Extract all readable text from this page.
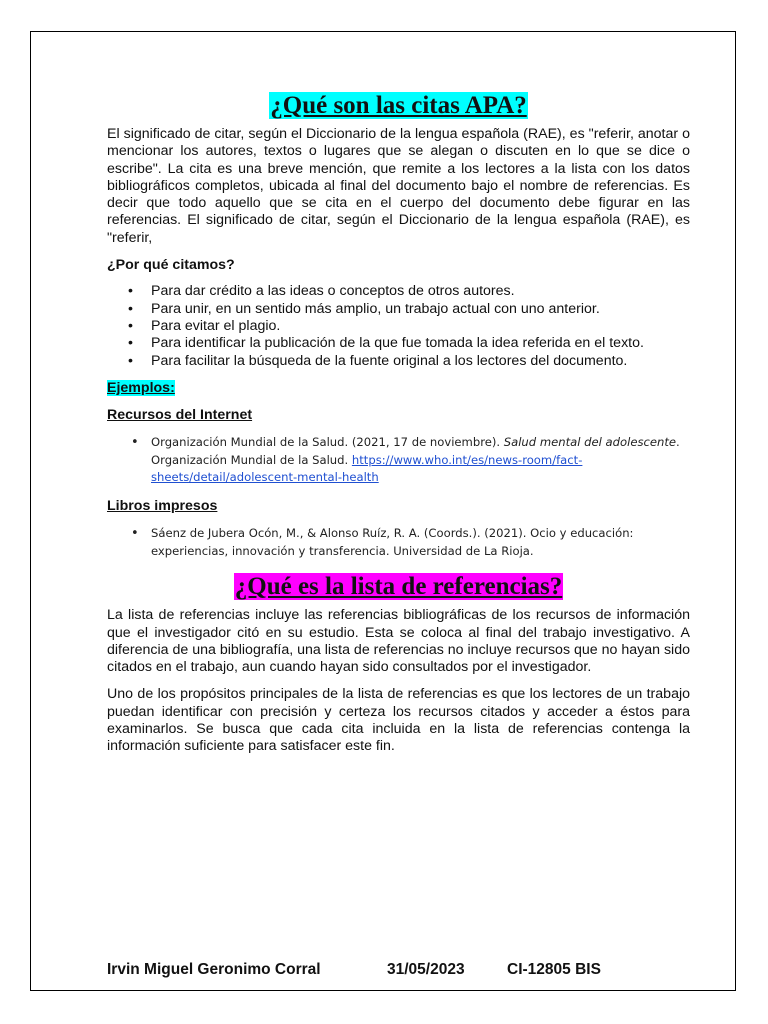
¿Qué son las citas APA?

El significado de citar, según el Diccionario de la lengua española (RAE), es "referir, anotar o mencionar los autores, textos o lugares que se alegan o discuten en lo que se dice o escribe". La cita es una breve mención, que remite a los lectores a la lista con los datos bibliográficos completos, ubicada al final del documento bajo el nombre de referencias. Es decir que todo aquello que se cita en el cuerpo del documento debe figurar en las referencias. El significado de citar, según el Diccionario de la lengua española (RAE), es "referir,

¿Por qué citamos?

• Para dar crédito a las ideas o conceptos de otros autores.
• Para unir, en un sentido más amplio, un trabajo actual con uno anterior.
• Para evitar el plagio.
• Para identificar la publicación de la que fue tomada la idea referida en el texto.
• Para facilitar la búsqueda de la fuente original a los lectores del documento.

Ejemplos:

Recursos del Internet

• Organización Mundial de la Salud. (2021, 17 de noviembre). Salud mental del adolescente. Organización Mundial de la Salud. https://www.who.int/es/news-room/fact-sheets/detail/adolescent-mental-health

Libros impresos

• Sáenz de Jubera Ocón, M., & Alonso Ruíz, R. A. (Coords.). (2021). Ocio y educación: experiencias, innovación y transferencia. Universidad de La Rioja.
¿Qué es la lista de referencias?

La lista de referencias incluye las referencias bibliográficas de los recursos de información que el investigador citó en su estudio. Esta se coloca al final del trabajo investigativo. A diferencia de una bibliografía, una lista de referencias no incluye recursos que no hayan sido citados en el trabajo, aun cuando hayan sido consultados por el investigador.

Uno de los propósitos principales de la lista de referencias es que los lectores de un trabajo puedan identificar con precisión y certeza los recursos citados y acceder a éstos para examinarlos. Se busca que cada cita incluida en la lista de referencias contenga la información suficiente para satisfacer este fin.

Irvin Miguel Geronimo Corral	31/05/2023	CI-12805 BIS
